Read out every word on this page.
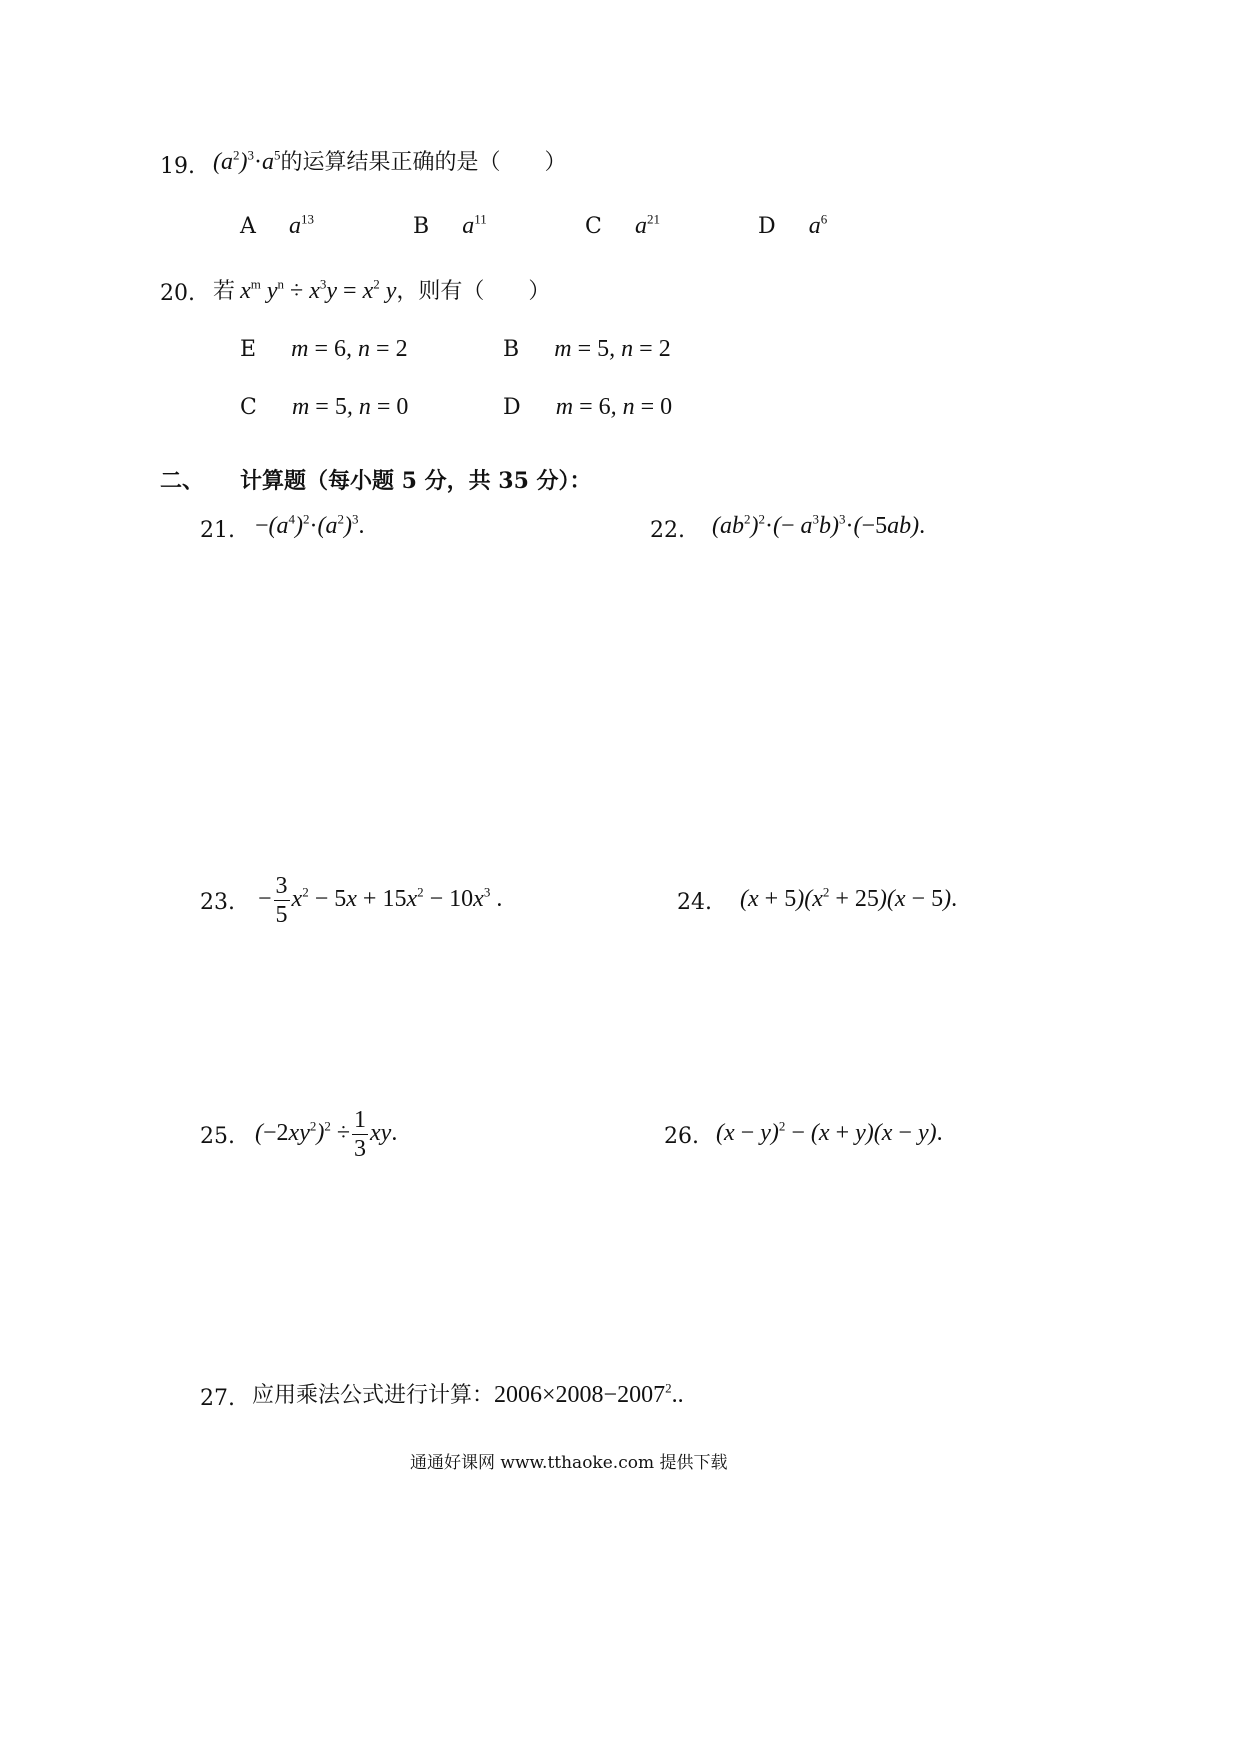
19. $(a^2)^3\cdot a^5$的运算结果正确的是（　　）
A $a^{13}$	B $a^{11}$	C $a^{21}$	D $a^6$
20. 若 $x^m$ $y^n \div x^3y = x^2$ y，则有（　　）
E m = 6, n = 2	B m = 5, n = 2
C m = 5, n = 0	D m = 6, n = 0
二、 计算题（每小题 5 分，共 35 分）：
21. $-(a^4)^2\cdot(a^2)^3$.	22. $(ab^2)^2\cdot(- a^3b)^3\cdot(-5ab)$.
23. − $\frac{3}{5} x^2 - 5x + 15x^2 - 10x^3$ .	24. $(x + 5)(x^2 + 25)(x - 5)$.
25. $(-2xy^2)^2 \div \frac{1}{3}$ xy.	26. $(x - y)^2 - (x + y)(x - y)$.
27. 应用乘法公式进行计算：$2006\times 2008-2007^2$..
通通好课网 www.tthaoke.com 提供下载
